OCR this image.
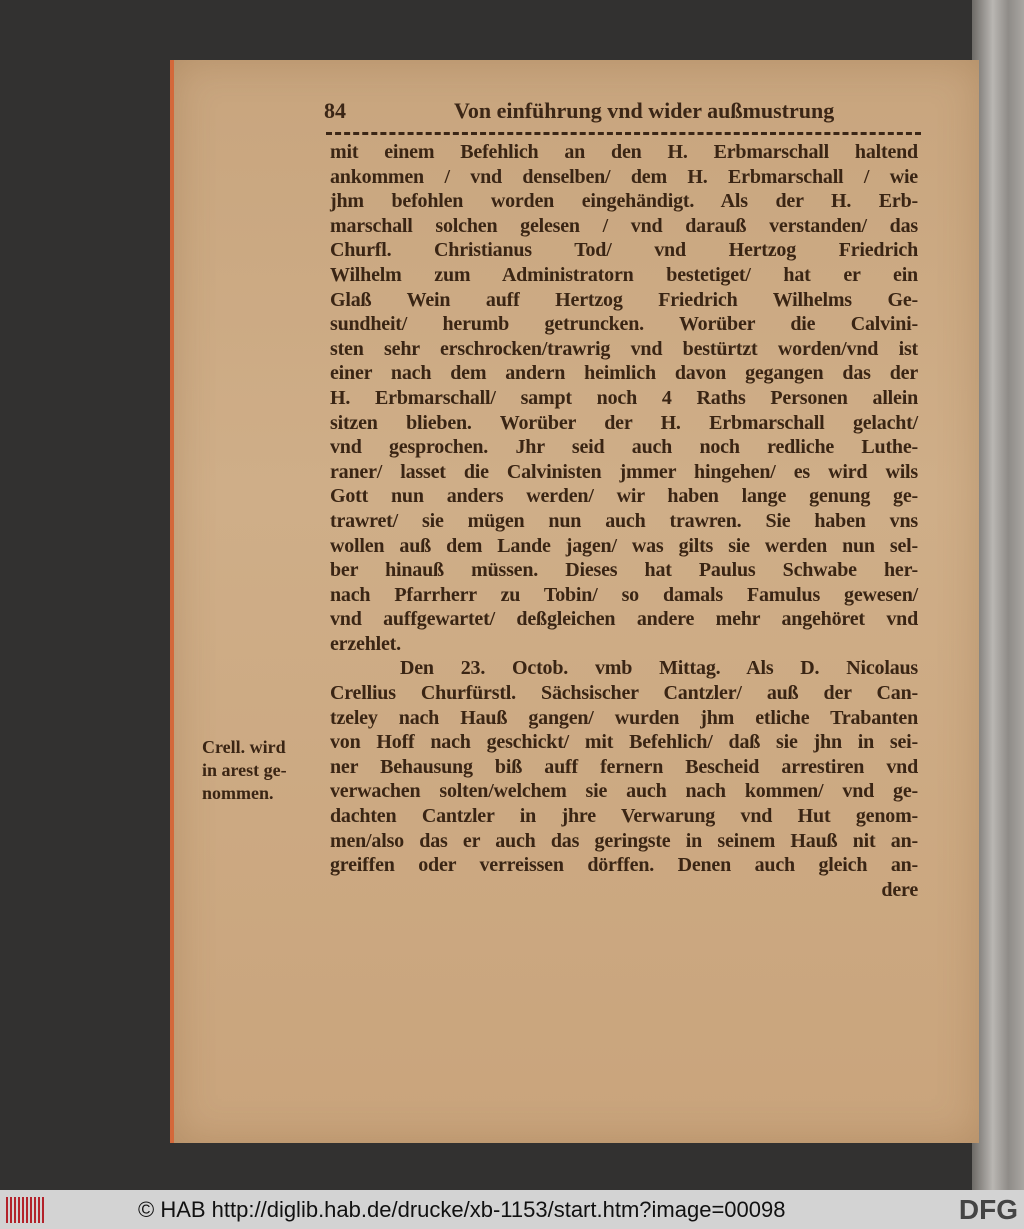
84	Von einführung vnd wider außmustrung
Crell. wird
in arest ge-
nommen.
mit einem Befehlich an den H. Erbmarschall haltend
ankommen / vnd denselben/ dem H. Erbmarschall / wie
jhm befohlen worden eingehändigt. Als der H. Erb-
marschall solchen gelesen / vnd darauß verstanden/ das
Churfl. Christianus Tod/ vnd Hertzog Friedrich
Wilhelm zum Administratorn bestetiget/ hat er ein
Glaß Wein auff Hertzog Friedrich Wilhelms Ge-
sundheit/ herumb getruncken. Worüber die Calvini-
sten sehr erschrocken/trawrig vnd bestürtzt worden/vnd ist
einer nach dem andern heimlich davon gegangen das der
H. Erbmarschall/ sampt noch 4 Raths Personen allein
sitzen blieben. Worüber der H. Erbmarschall gelacht/
vnd gesprochen. Jhr seid auch noch redliche Luthe-
raner/ lasset die Calvinisten jmmer hingehen/ es wird wils
Gott nun anders werden/ wir haben lange genung ge-
trawret/ sie mügen nun auch trawren. Sie haben vns
wollen auß dem Lande jagen/ was gilts sie werden nun sel-
ber hinauß müssen. Dieses hat Paulus Schwabe her-
nach Pfarrherr zu Tobin/ so damals Famulus gewesen/
vnd auffgewartet/ deßgleichen andere mehr angehöret vnd
erzehlet.
Den 23. Octob. vmb Mittag. Als D. Nicolaus
Crellius Churfürstl. Sächsischer Cantzler/ auß der Can-
tzeley nach Hauß gangen/ wurden jhm etliche Trabanten
von Hoff nach geschickt/ mit Befehlich/ daß sie jhn in sei-
ner Behausung biß auff fernern Bescheid arrestiren vnd
verwachen solten/welchem sie auch nach kommen/ vnd ge-
dachten Cantzler in jhre Verwarung vnd Hut genom-
men/also das er auch das geringste in seinem Hauß nit an-
greiffen oder verreissen dörffen. Denen auch gleich an-
dere
© HAB http://diglib.hab.de/drucke/xb-1153/start.htm?image=00098	DFG
